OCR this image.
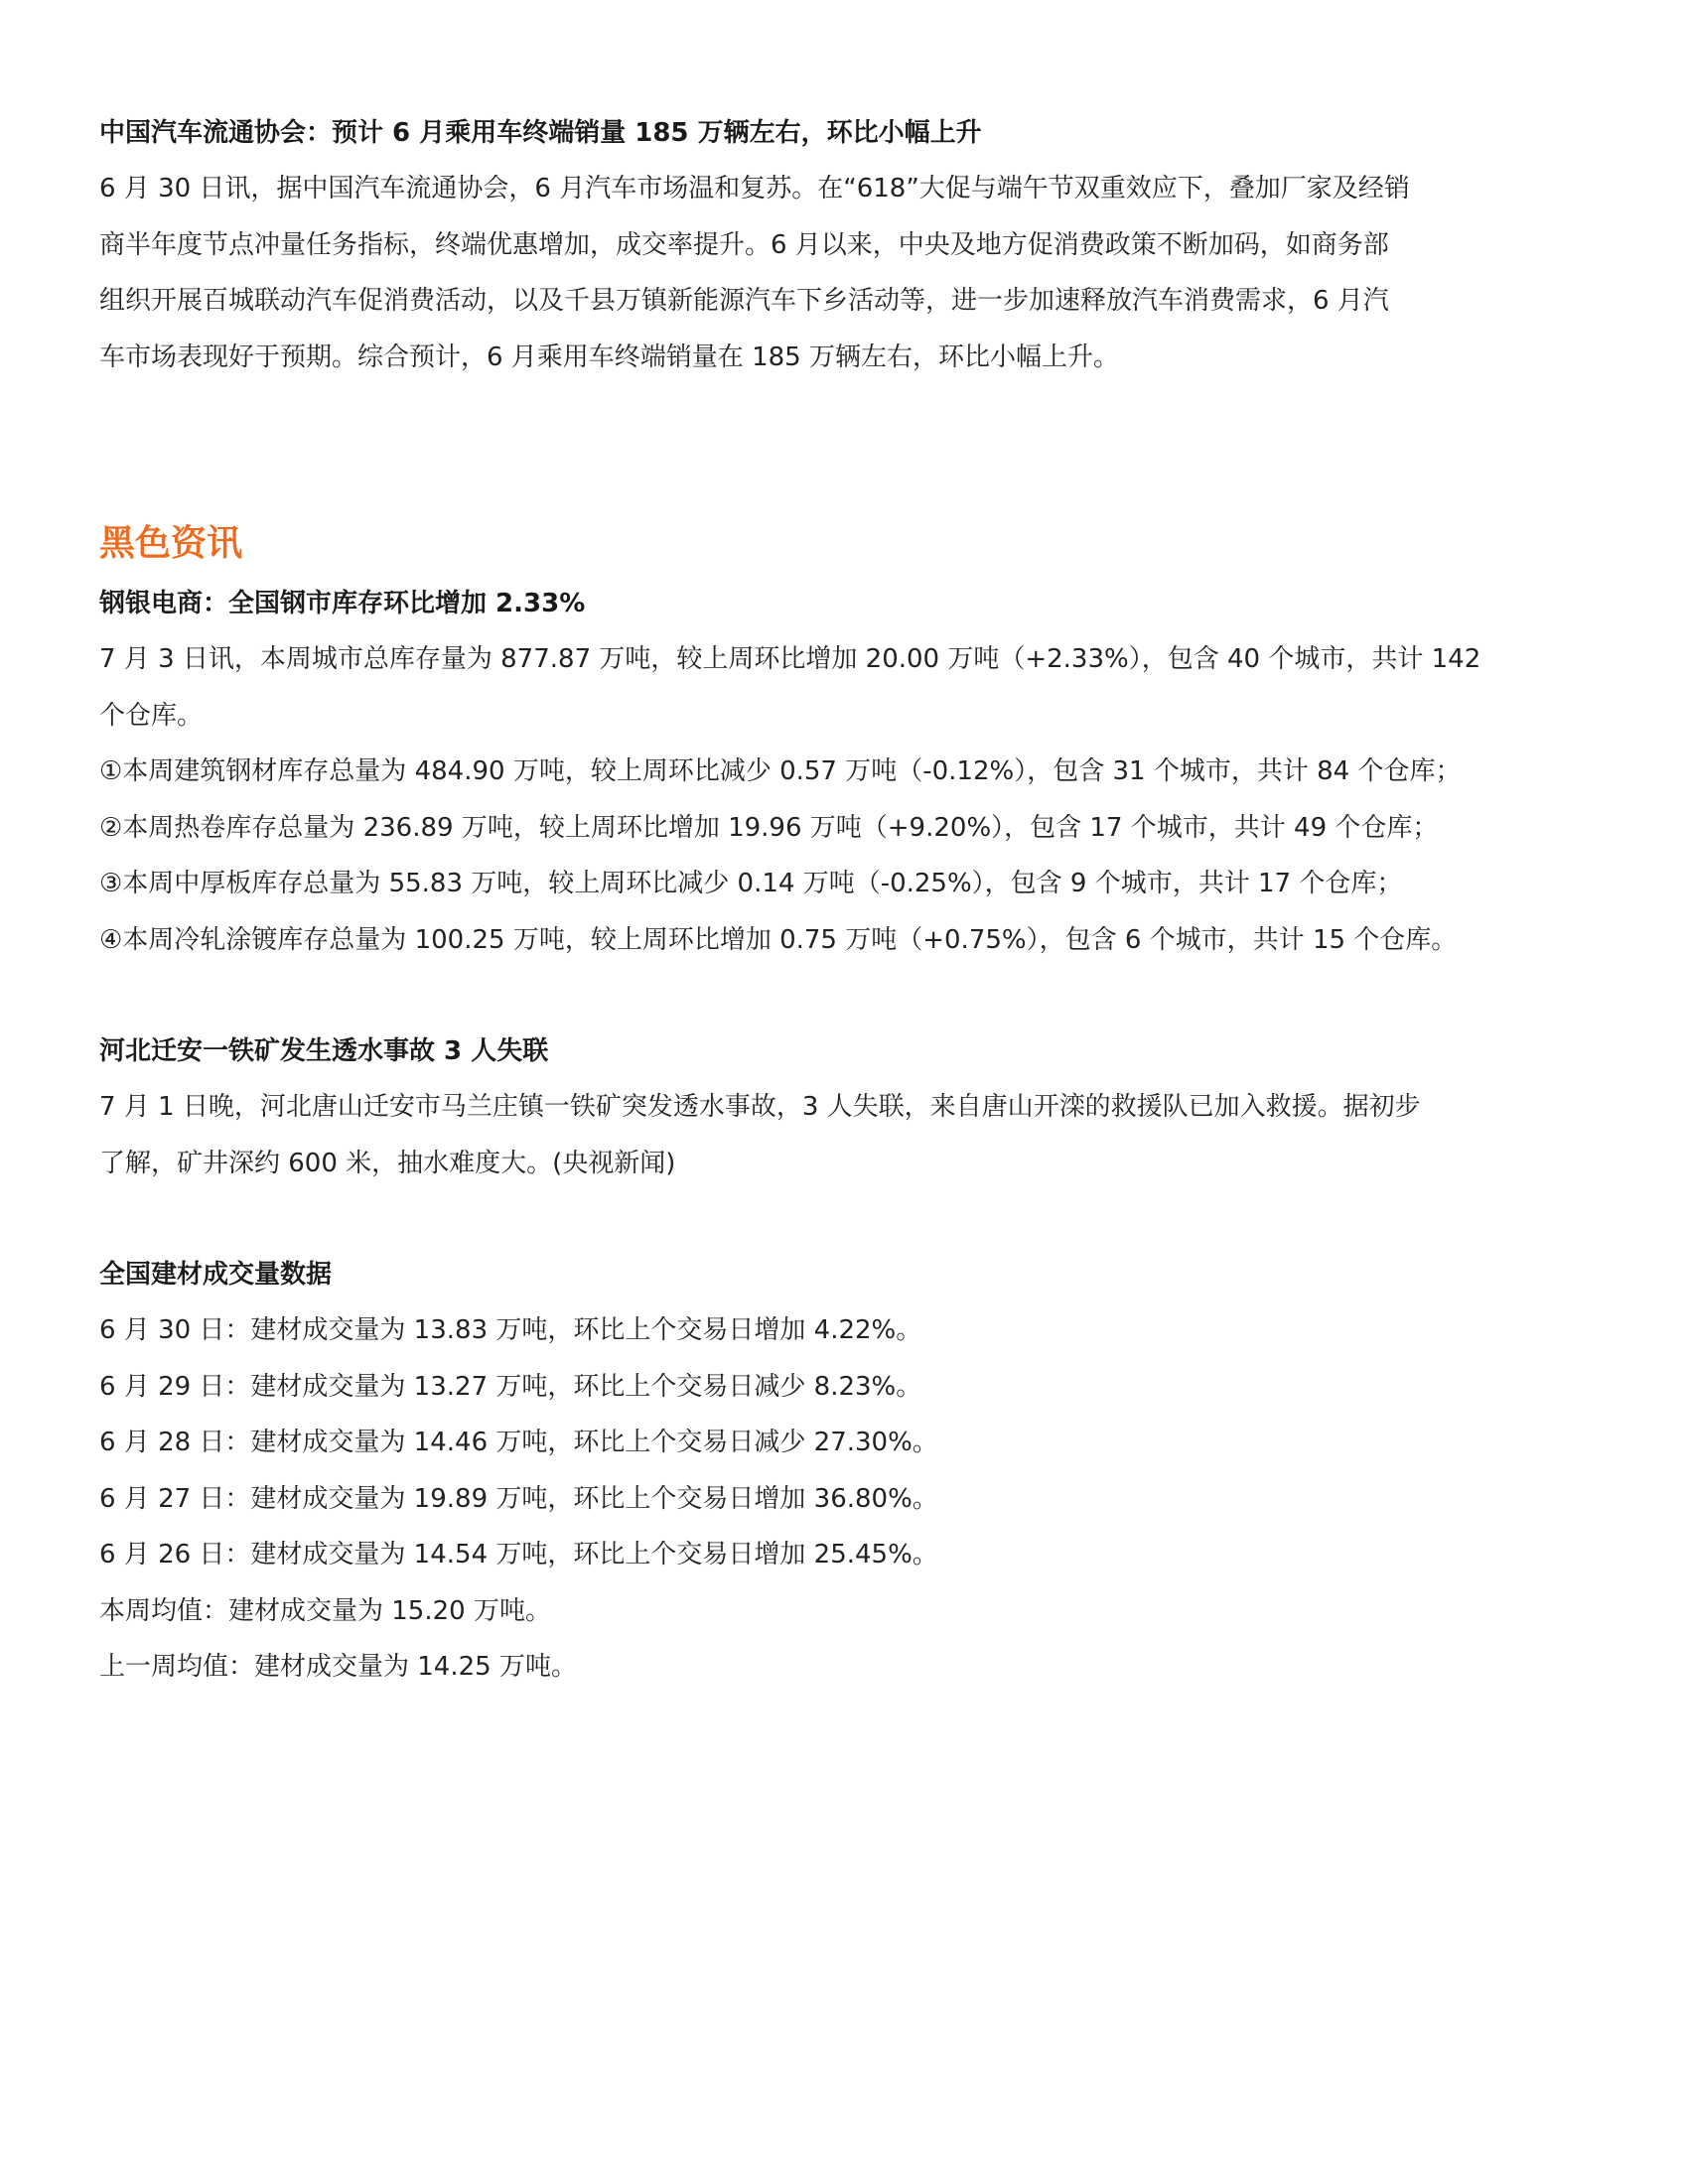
中国汽车流通协会：预计 6 月乘用车终端销量 185 万辆左右，环比小幅上升

6 月 30 日讯，据中国汽车流通协会，6 月汽车市场温和复苏。在“618”大促与端午节双重效应下，叠加厂家及经销

商半年度节点冲量任务指标，终端优惠增加，成交率提升。6 月以来，中央及地方促消费政策不断加码，如商务部

组织开展百城联动汽车促消费活动，以及千县万镇新能源汽车下乡活动等，进一步加速释放汽车消费需求，6 月汽

车市场表现好于预期。综合预计，6 月乘用车终端销量在 185 万辆左右，环比小幅上升。

黑色资讯

钢银电商：全国钢市库存环比增加 2.33%

7 月 3 日讯，本周城市总库存量为 877.87 万吨，较上周环比增加 20.00 万吨（+2.33%），包含 40 个城市，共计 142

个仓库。

①本周建筑钢材库存总量为 484.90 万吨，较上周环比减少 0.57 万吨（-0.12%），包含 31 个城市，共计 84 个仓库；

②本周热卷库存总量为 236.89 万吨，较上周环比增加 19.96 万吨（+9.20%），包含 17 个城市，共计 49 个仓库；

③本周中厚板库存总量为 55.83 万吨，较上周环比减少 0.14 万吨（-0.25%），包含 9 个城市，共计 17 个仓库；

④本周冷轧涂镀库存总量为 100.25 万吨，较上周环比增加 0.75 万吨（+0.75%），包含 6 个城市，共计 15 个仓库。

河北迁安一铁矿发生透水事故 3 人失联

7 月 1 日晚，河北唐山迁安市马兰庄镇一铁矿突发透水事故，3 人失联，来自唐山开滦的救援队已加入救援。据初步

了解，矿井深约 600 米，抽水难度大。(央视新闻)

全国建材成交量数据

6 月 30 日：建材成交量为 13.83 万吨，环比上个交易日增加 4.22%。

6 月 29 日：建材成交量为 13.27 万吨，环比上个交易日减少 8.23%。

6 月 28 日：建材成交量为 14.46 万吨，环比上个交易日减少 27.30%。

6 月 27 日：建材成交量为 19.89 万吨，环比上个交易日增加 36.80%。

6 月 26 日：建材成交量为 14.54 万吨，环比上个交易日增加 25.45%。

本周均值：建材成交量为 15.20 万吨。

上一周均值：建材成交量为 14.25 万吨。
